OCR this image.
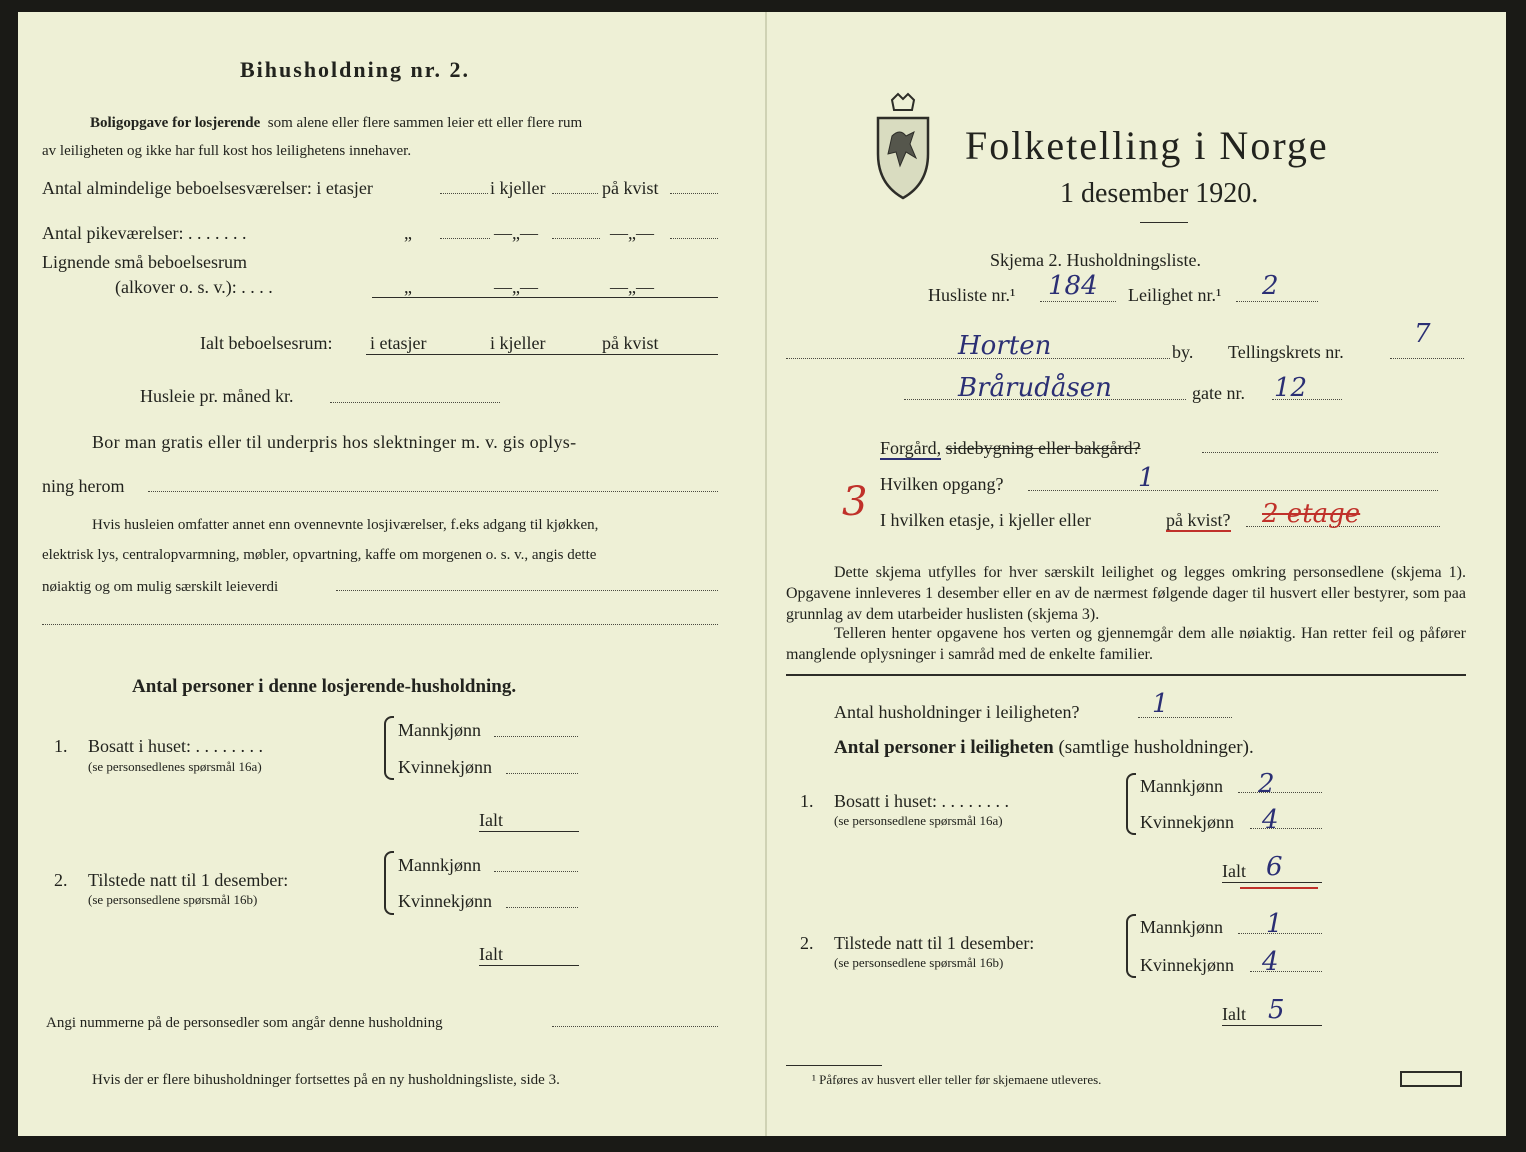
Bihusholdning nr. 2.
Boligopgave for losjerende som alene eller flere sammen leier ett eller flere rum
av leiligheten og ikke har full kost hos leilighetens innehaver.
Antal almindelige beboelsesværelser: i etasjer	i kjeller	på kvist
Antal pikeværelser: . . . . . . .	„	—„—	—„—
Lignende små beboelsesrum
(alkover o. s. v.): . . . .	„	—„—	—„—
Ialt beboelsesrum: i etasjer	i kjeller	på kvist
Husleie pr. måned kr.
Bor man gratis eller til underpris hos slektninger m. v. gis oplys-
ning herom
Hvis husleien omfatter annet enn ovennevnte losjiværelser, f.eks adgang til kjøkken,
elektrisk lys, centralopvarmning, møbler, opvartning, kaffe om morgenen o. s. v., angis dette
nøiaktig og om mulig særskilt leieverdi
Antal personer i denne losjerende-husholdning.
1. Bosatt i huset: . . . . . . . .
(se personsedlenes spørsmål 16a)
Mannkjønn
Kvinnekjønn
Ialt
2. Tilstede natt til 1 desember:
(se personsedlene spørsmål 16b)
Mannkjønn
Kvinnekjønn
Ialt
Angi nummerne på de personsedler som angår denne husholdning
Hvis der er flere bihusholdninger fortsettes på en ny husholdningsliste, side 3.
Folketelling i Norge
1 desember 1920.
Skjema 2. Husholdningsliste.
Husliste nr.¹ 184 Leilighet nr.¹ 2
Horten	by. Tellingskrets nr.
7
Brårudåsen	gate nr. 12
Forgård, sidebygning eller bakgård?
Hvilken opgang?	1
3 I hvilken etasje, i kjeller eller	på kvist? 2 etage
Dette skjema utfylles for hver særskilt leilighet og legges omkring personsedlene (skjema 1). Opgavene innleveres 1 desember eller en av de nærmest følgende dager til husvert eller bestyrer, som paa grunnlag av dem utarbeider huslisten (skjema 3).
Telleren henter opgavene hos verten og gjennemgår dem alle nøiaktig. Han retter feil og påfører manglende oplysninger i samråd med de enkelte familier.
Antal husholdninger i leiligheten?	1
Antal personer i leiligheten (samtlige husholdninger).
1. Bosatt i huset: . . . . . . . .
(se personsedlene spørsmål 16a)
Mannkjønn 2
Kvinnekjønn 4
Ialt 6
2. Tilstede natt til 1 desember:
(se personsedlene spørsmål 16b)
Mannkjønn 1
Kvinnekjønn 4
Ialt 5
¹ Påføres av husvert eller teller før skjemaene utleveres.
